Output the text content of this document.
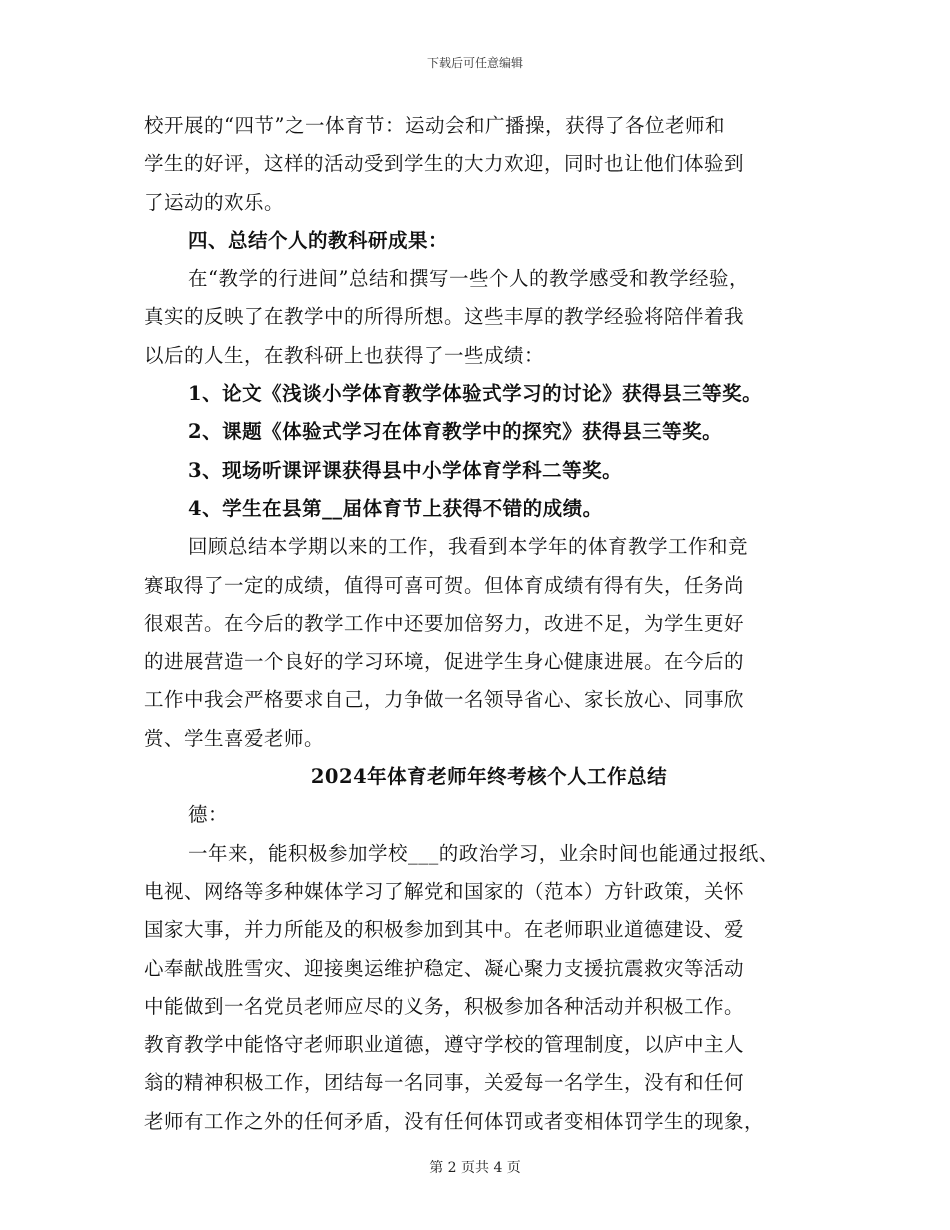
下载后可任意编辑
校开展的“四节”之一体育节：运动会和广播操，获得了各位老师和
学生的好评，这样的活动受到学生的大力欢迎，同时也让他们体验到
了运动的欢乐。
四、总结个人的教科研成果：
在“教学的行进间”总结和撰写一些个人的教学感受和教学经验，
真实的反映了在教学中的所得所想。这些丰厚的教学经验将陪伴着我
以后的人生，在教科研上也获得了一些成绩：
1、论文《浅谈小学体育教学体验式学习的讨论》获得县三等奖。
2、课题《体验式学习在体育教学中的探究》获得县三等奖。
3、现场听课评课获得县中小学体育学科二等奖。
4、学生在县第__届体育节上获得不错的成绩。
回顾总结本学期以来的工作，我看到本学年的体育教学工作和竞
赛取得了一定的成绩，值得可喜可贺。但体育成绩有得有失，任务尚
很艰苦。在今后的教学工作中还要加倍努力，改进不足，为学生更好
的进展营造一个良好的学习环境，促进学生身心健康进展。在今后的
工作中我会严格要求自己，力争做一名领导省心、家长放心、同事欣
赏、学生喜爱老师。
2024年体育老师年终考核个人工作总结
德：
一年来，能积极参加学校___的政治学习，业余时间也能通过报纸、
电视、网络等多种媒体学习了解党和国家的（范本）方针政策，关怀
国家大事，并力所能及的积极参加到其中。在老师职业道德建设、爱
心奉献战胜雪灾、迎接奥运维护稳定、凝心聚力支援抗震救灾等活动
中能做到一名党员老师应尽的义务，积极参加各种活动并积极工作。
教育教学中能恪守老师职业道德，遵守学校的管理制度，以庐中主人
翁的精神积极工作，团结每一名同事，关爱每一名学生，没有和任何
老师有工作之外的任何矛盾，没有任何体罚或者变相体罚学生的现象，
第 2 页共 4 页
